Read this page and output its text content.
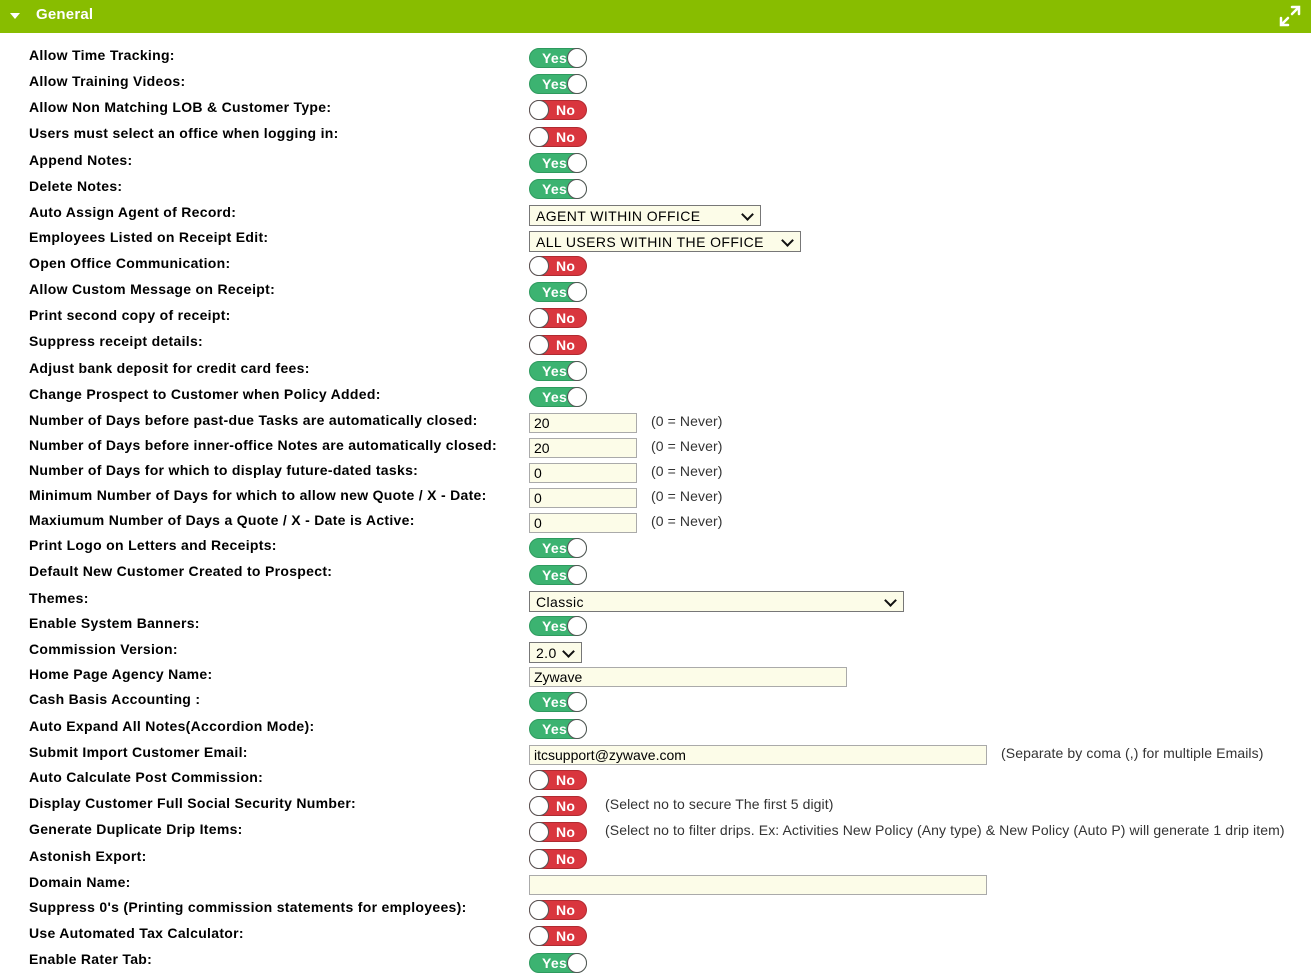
General
Allow Time Tracking:	Yes
Allow Training Videos:	Yes
Allow Non Matching LOB & Customer Type:	No
Users must select an office when logging in:	No
Append Notes:	Yes
Delete Notes:	Yes
Auto Assign Agent of Record:	AGENT WITHIN OFFICE
Employees Listed on Receipt Edit:	ALL USERS WITHIN THE OFFICE
Open Office Communication:	No
Allow Custom Message on Receipt:	Yes
Print second copy of receipt:	No
Suppress receipt details:	No
Adjust bank deposit for credit card fees:	Yes
Change Prospect to Customer when Policy Added:	Yes
Number of Days before past-due Tasks are automatically closed:	20	(0 = Never)
Number of Days before inner-office Notes are automatically closed:	20	(0 = Never)
Number of Days for which to display future-dated tasks:	0	(0 = Never)
Minimum Number of Days for which to allow new Quote / X - Date:	0	(0 = Never)
Maxiumum Number of Days a Quote / X - Date is Active:	0	(0 = Never)
Print Logo on Letters and Receipts:	Yes
Default New Customer Created to Prospect:	Yes
Themes:	Classic
Enable System Banners:	Yes
Commission Version:	2.0
Home Page Agency Name:	Zywave
Cash Basis Accounting :	Yes
Auto Expand All Notes(Accordion Mode):	Yes
Submit Import Customer Email:	itcsupport@zywave.com	(Separate by coma (,) for multiple Emails)
Auto Calculate Post Commission:	No
Display Customer Full Social Security Number:	No (Select no to secure The first 5 digit)
Generate Duplicate Drip Items:	No (Select no to filter drips. Ex: Activities New Policy (Any type) & New Policy (Auto P) will generate 1 drip item)
Astonish Export:	No
Domain Name:
Suppress 0's (Printing commission statements for employees):	No
Use Automated Tax Calculator:	No
Enable Rater Tab:	Yes
